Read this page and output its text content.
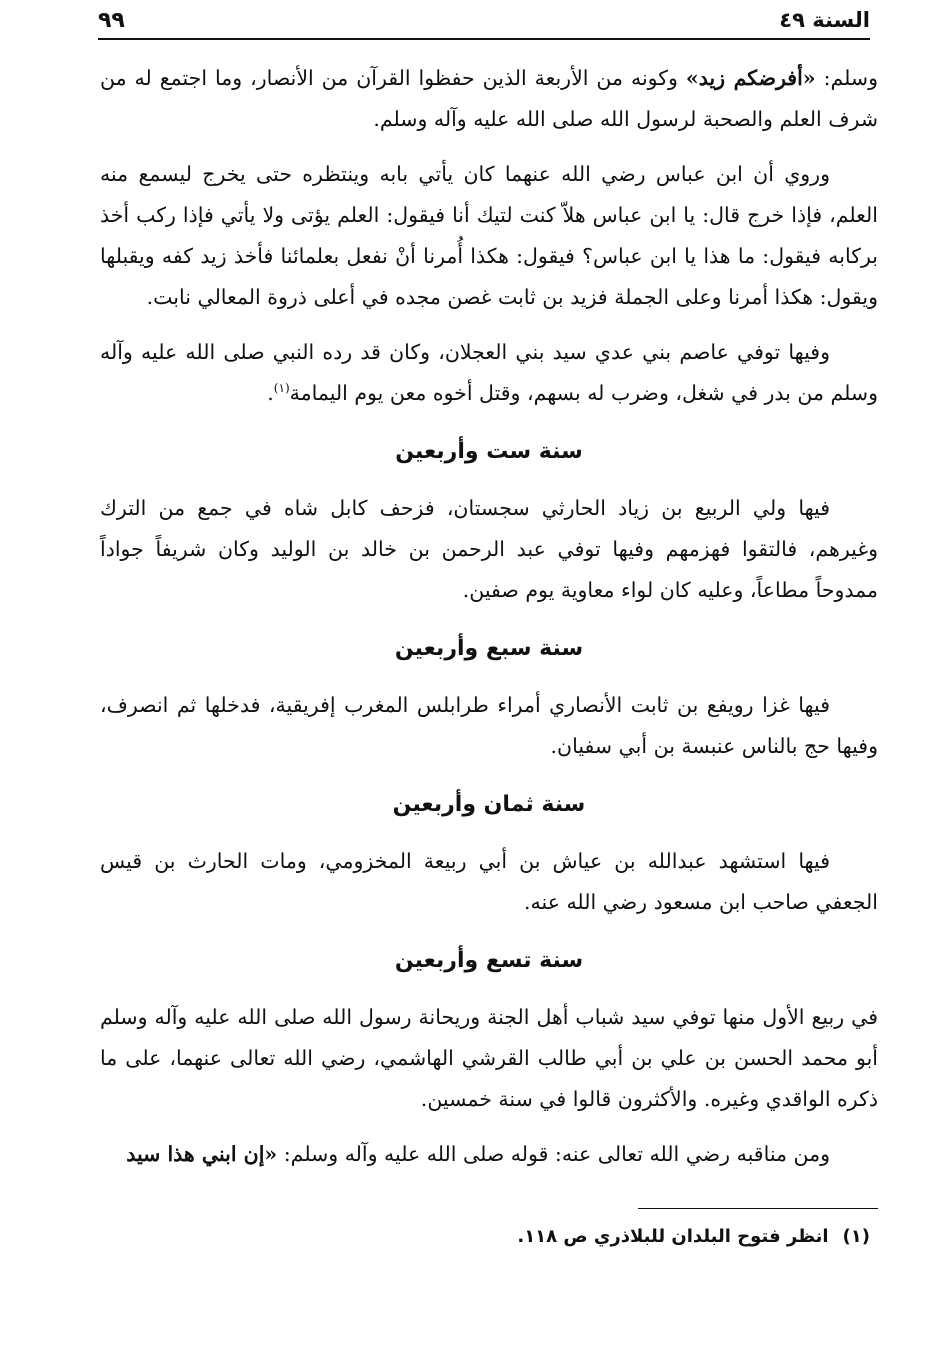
السنة ٤٩
٩٩

وسلم: «أفرضكم زيد» وكونه من الأربعة الذين حفظوا القرآن من الأنصار، وما اجتمع له من شرف العلم والصحبة لرسول الله صلى الله عليه وآله وسلم.

وروي أن ابن عباس رضي الله عنهما كان يأتي بابه وينتظره حتى يخرج ليسمع منه العلم، فإذا خرج قال: يا ابن عباس هلاّ كنت لتيك أنا فيقول: العلم يؤتى ولا يأتي فإذا ركب أخذ بركابه فيقول: ما هذا يا ابن عباس؟ فيقول: هكذا أُمرنا أنْ نفعل بعلمائنا فأخذ زيد كفه ويقبلها ويقول: هكذا أمرنا وعلى الجملة فزيد بن ثابت غصن مجده في أعلى ذروة المعالي نابت.

وفيها توفي عاصم بني عدي سيد بني العجلان، وكان قد رده النبي صلى الله عليه وآله وسلم من بدر في شغل، وضرب له بسهم، وقتل أخوه معن يوم اليمامة$^{(١)}$.

سنة ست وأربعين

فيها ولي الربيع بن زياد الحارثي سجستان، فزحف كابل شاه في جمع من الترك وغيرهم، فالتقوا فهزمهم وفيها توفي عبد الرحمن بن خالد بن الوليد وكان شريفاً جواداً ممدوحاً مطاعاً، وعليه كان لواء معاوية يوم صفين.

سنة سبع وأربعين

فيها غزا رويفع بن ثابت الأنصاري أمراء طرابلس المغرب إفريقية، فدخلها ثم انصرف، وفيها حج بالناس عنبسة بن أبي سفيان.

سنة ثمان وأربعين

فيها استشهد عبدالله بن عياش بن أبي ربيعة المخزومي، ومات الحارث بن قيس الجعفي صاحب ابن مسعود رضي الله عنه.

سنة تسع وأربعين

في ربيع الأول منها توفي سيد شباب أهل الجنة وريحانة رسول الله صلى الله عليه وآله وسلم أبو محمد الحسن بن علي بن أبي طالب القرشي الهاشمي، رضي الله تعالى عنهما، على ما ذكره الواقدي وغيره. والأكثرون قالوا في سنة خمسين.

ومن مناقبه رضي الله تعالى عنه: قوله صلى الله عليه وآله وسلم: «إن ابني هذا سيد

(١)انظر فتوح البلدان للبلاذري ص ١١٨.
